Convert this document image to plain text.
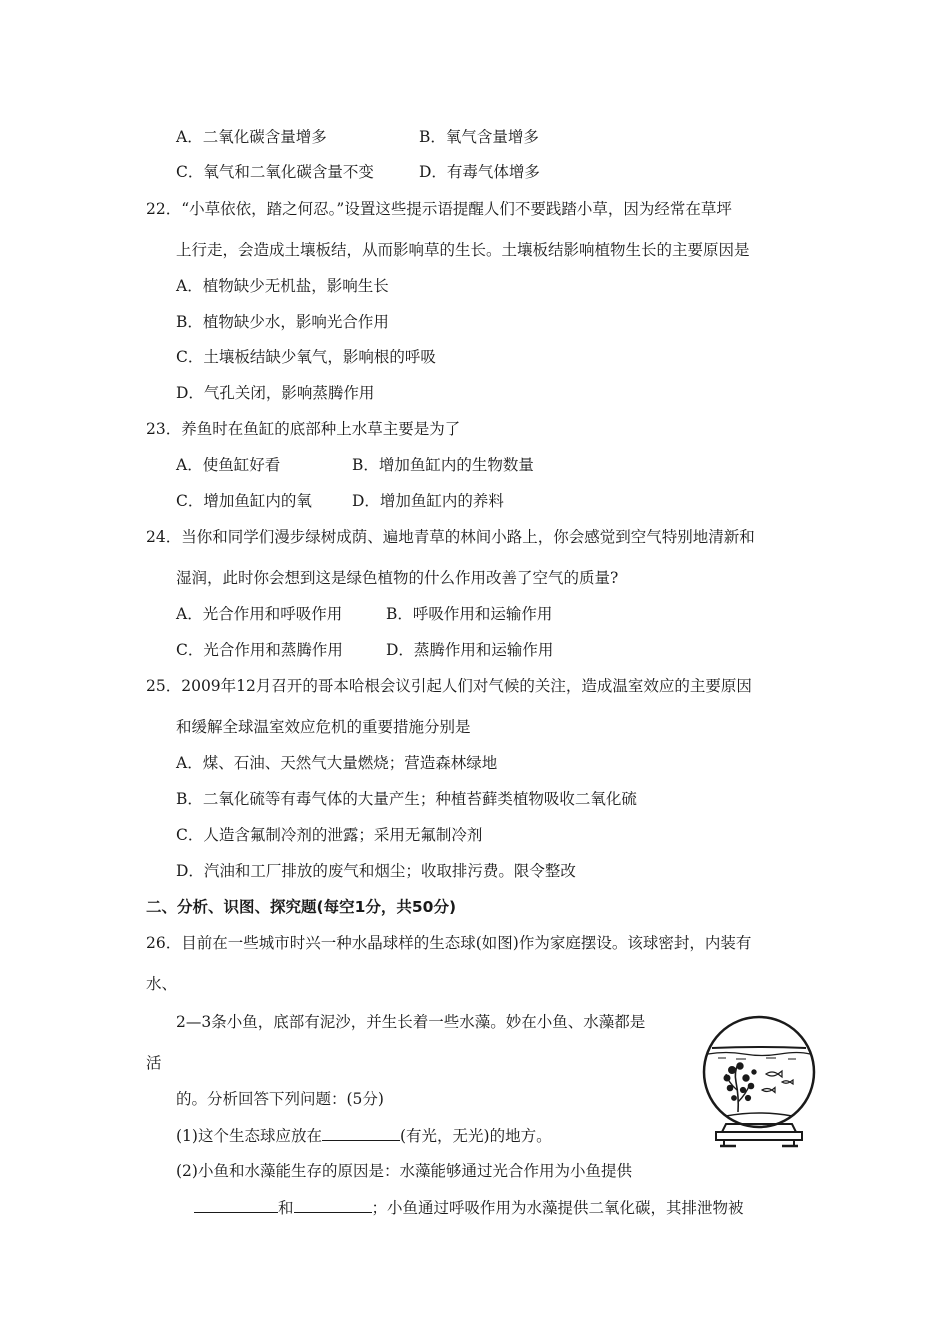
A．二氧化碳含量增多	B．氧气含量增多
C．氧气和二氧化碳含量不变	D．有毒气体增多
22．“小草依依，踏之何忍。”设置这些提示语提醒人们不要践踏小草，因为经常在草坪
上行走，会造成土壤板结，从而影响草的生长。土壤板结影响植物生长的主要原因是
A．植物缺少无机盐，影响生长
B．植物缺少水，影响光合作用
C．土壤板结缺少氧气，影响根的呼吸
D．气孔关闭，影响蒸腾作用
23．养鱼时在鱼缸的底部种上水草主要是为了
A．使鱼缸好看	B．增加鱼缸内的生物数量
C．增加鱼缸内的氧	D．增加鱼缸内的养料
24．当你和同学们漫步绿树成荫、遍地青草的林间小路上，你会感觉到空气特别地清新和
湿润，此时你会想到这是绿色植物的什么作用改善了空气的质量?
A．光合作用和呼吸作用	B．呼吸作用和运输作用
C．光合作用和蒸腾作用	D．蒸腾作用和运输作用
25．2009年12月召开的哥本哈根会议引起人们对气候的关注，造成温室效应的主要原因
和缓解全球温室效应危机的重要措施分别是
A．煤、石油、天然气大量燃烧；营造森林绿地
B．二氧化硫等有毒气体的大量产生；种植苔藓类植物吸收二氧化硫
C．人造含氟制冷剂的泄露；采用无氟制冷剂
D．汽油和工厂排放的废气和烟尘；收取排污费。限令整改
二、分析、识图、探究题(每空1分，共50分)
26．目前在一些城市时兴一种水晶球样的生态球(如图)作为家庭摆设。该球密封，内装有
水、
2—3条小鱼，底部有泥沙，并生长着一些水藻。妙在小鱼、水藻都是
活
的。分析回答下列问题：(5分)
(1)这个生态球应放在	(有光，无光)的地方。
(2)小鱼和水藻能生存的原因是：水藻能够通过光合作用为小鱼提供
和	；小鱼通过呼吸作用为水藻提供二氧化碳，其排泄物被
